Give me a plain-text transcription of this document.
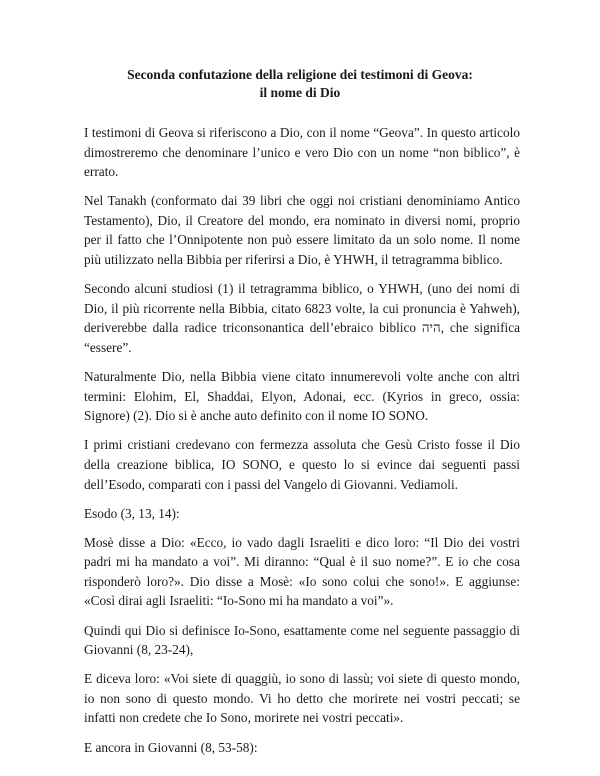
Seconda confutazione della religione dei testimoni di Geova:
il nome di Dio

I testimoni di Geova si riferiscono a Dio, con il nome “Geova”. In questo articolo dimostreremo che denominare l’unico e vero Dio con un nome “non biblico”, è errato.

Nel Tanakh (conformato dai 39 libri che oggi noi cristiani denominiamo Antico Testamento), Dio, il Creatore del mondo, era nominato in diversi nomi, proprio per il fatto che l’Onnipotente non può essere limitato da un solo nome. Il nome più utilizzato nella Bibbia per riferirsi a Dio, è YHWH, il tetragramma biblico.

Secondo alcuni studiosi (1) il tetragramma biblico, o YHWH, (uno dei nomi di Dio, il più ricorrente nella Bibbia, citato 6823 volte, la cui pronuncia è Yahweh), deriverebbe dalla radice triconsonantica dell’ebraico biblico היה, che significa “essere”.

Naturalmente Dio, nella Bibbia viene citato innumerevoli volte anche con altri termini: Elohim, El, Shaddai, Elyon, Adonai, ecc. (Kyrios in greco, ossia: Signore) (2). Dio si è anche auto definito con il nome IO SONO.

I primi cristiani credevano con fermezza assoluta che Gesù Cristo fosse il Dio della creazione biblica, IO SONO, e questo lo si evince dai seguenti passi dell’Esodo, comparati con i passi del Vangelo di Giovanni. Vediamoli.

Esodo (3, 13, 14):

Mosè disse a Dio: «Ecco, io vado dagli Israeliti e dico loro: “Il Dio dei vostri padri mi ha mandato a voi”. Mi diranno: “Qual è il suo nome?”. E io che cosa risponderò loro?». Dio disse a Mosè: «Io sono colui che sono!». E aggiunse: «Così dirai agli Israeliti: “Io-Sono mi ha mandato a voi”».

Quindi qui Dio si definisce Io-Sono, esattamente come nel seguente passaggio di Giovanni (8, 23-24),

E diceva loro: «Voi siete di quaggiù, io sono di lassù; voi siete di questo mondo, io non sono di questo mondo. Vi ho detto che morirete nei vostri peccati; se infatti non credete che Io Sono, morirete nei vostri peccati».

E ancora in Giovanni (8, 53-58):
